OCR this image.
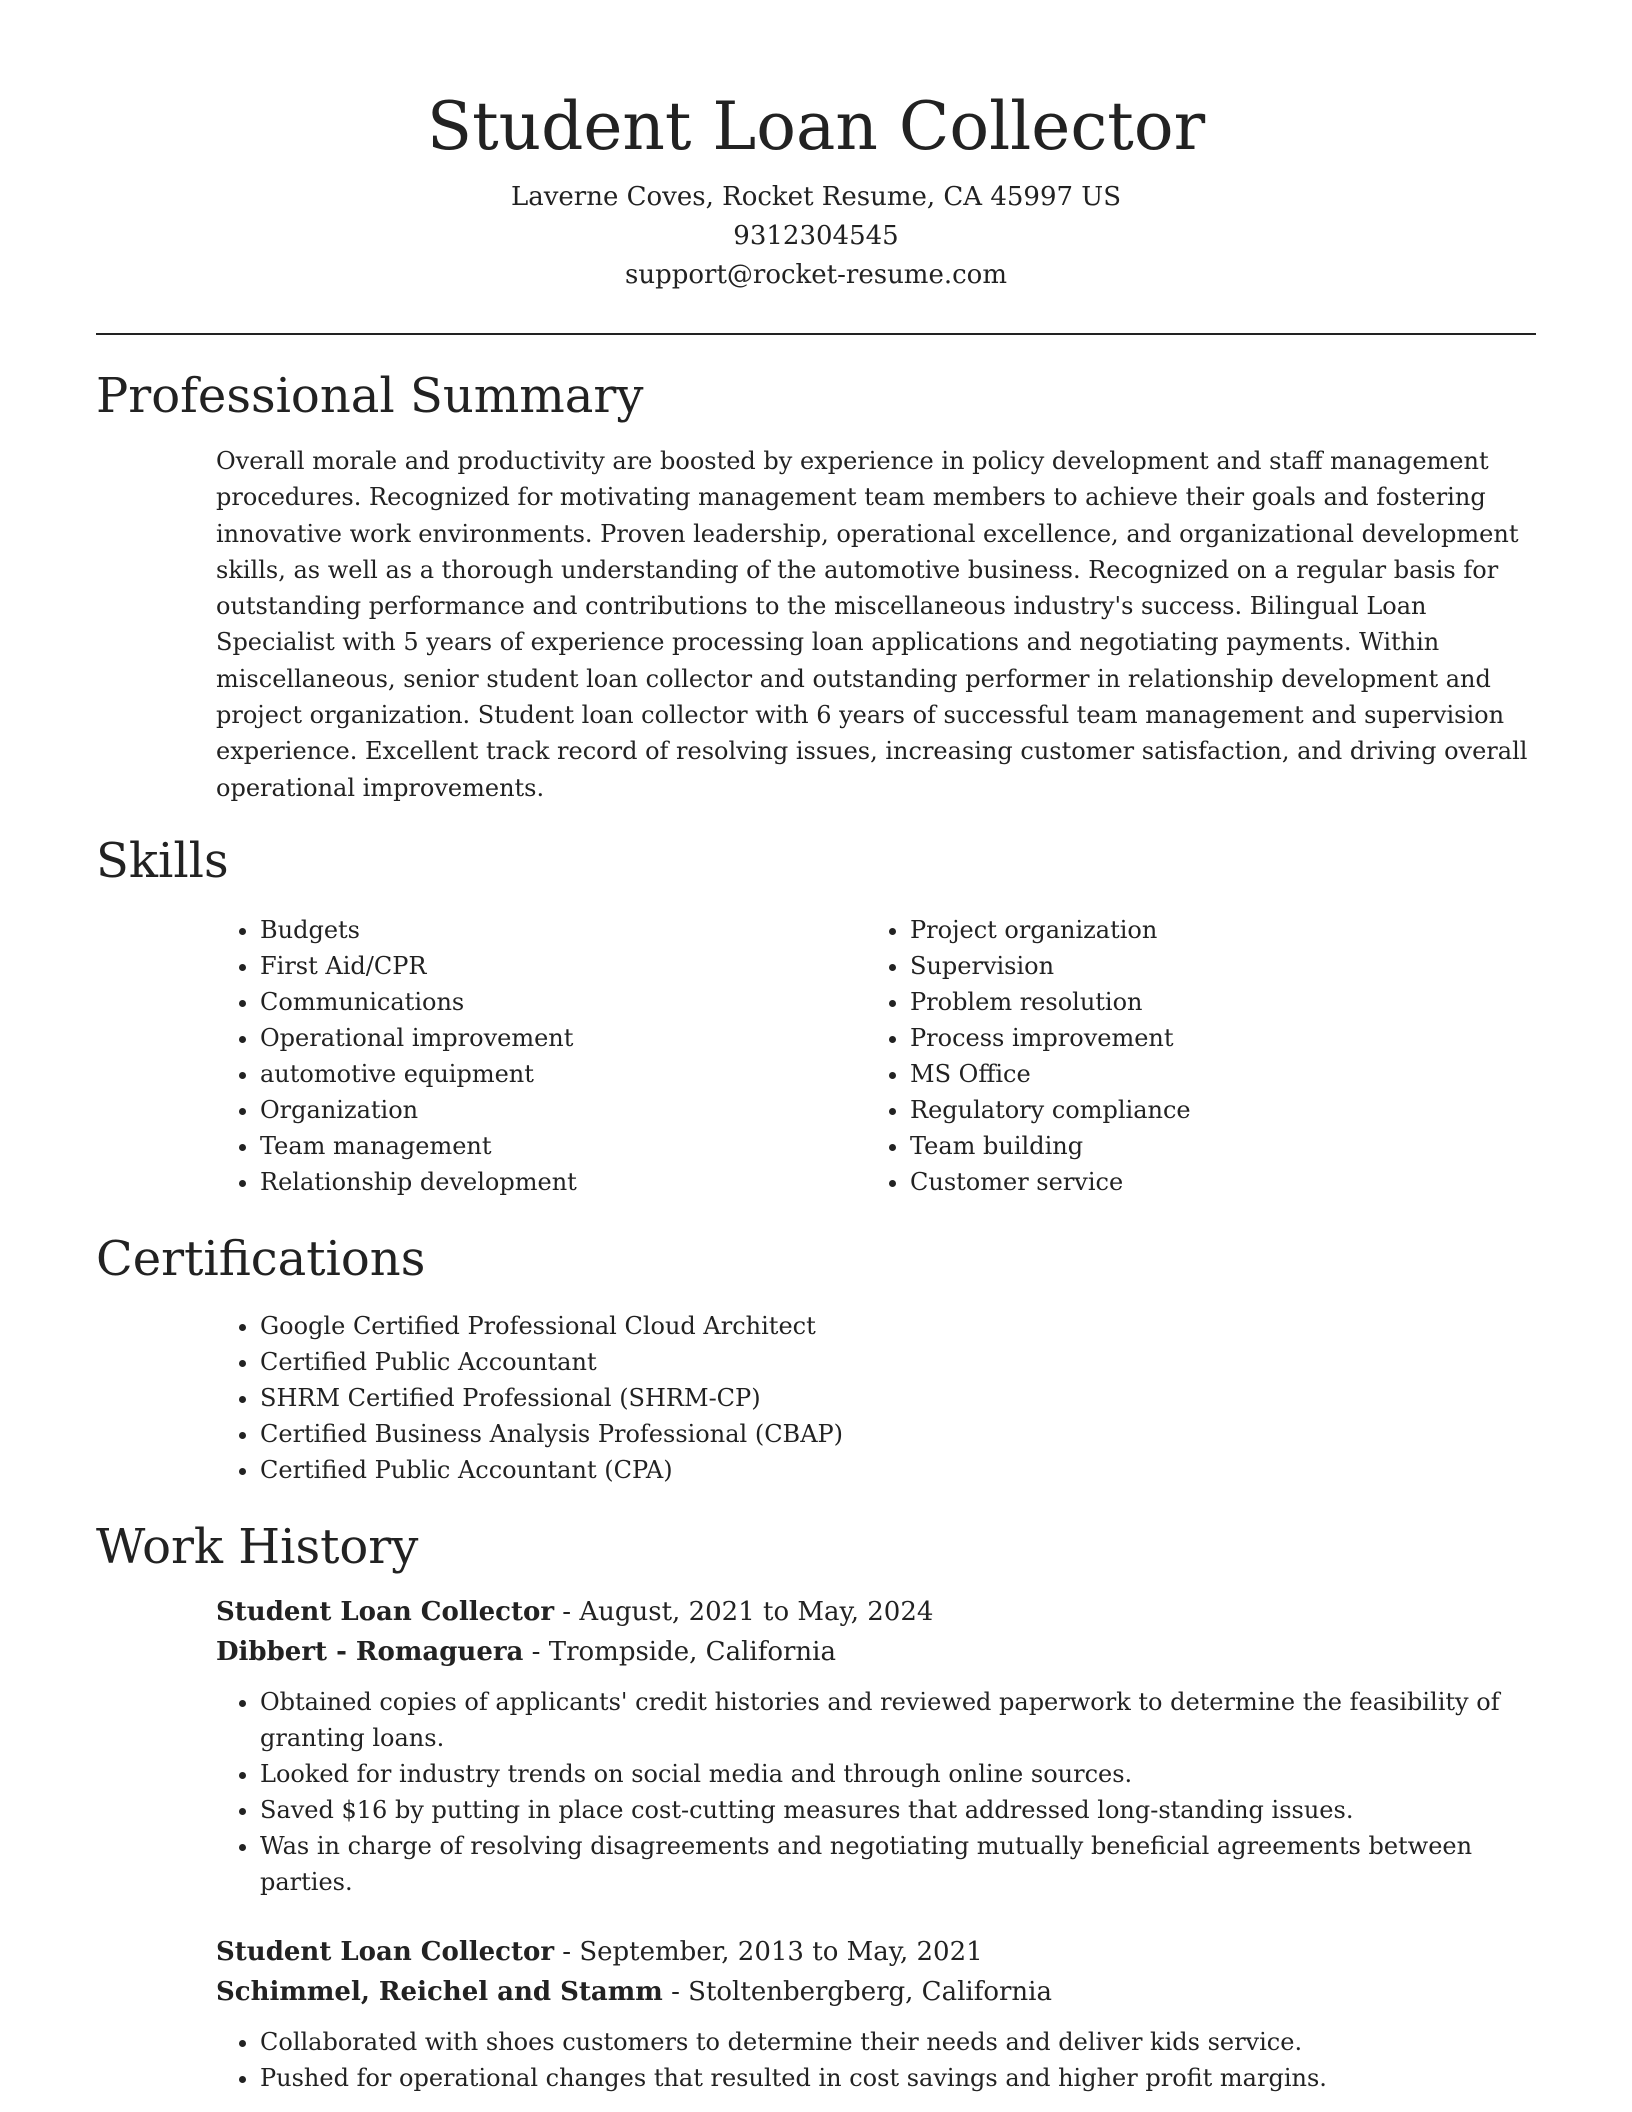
Student Loan Collector
Laverne Coves, Rocket Resume, CA 45997 US
9312304545
support@rocket-resume.com
Professional Summary

Overall morale and productivity are boosted by experience in policy development and staff management procedures. Recognized for motivating management team members to achieve their goals and fostering innovative work environments. Proven leadership, operational excellence, and organizational development skills, as well as a thorough understanding of the automotive business. Recognized on a regular basis for outstanding performance and contributions to the miscellaneous industry's success. Bilingual Loan Specialist with 5 years of experience processing loan applications and negotiating payments. Within miscellaneous, senior student loan collector and outstanding performer in relationship development and project organization. Student loan collector with 6 years of successful team management and supervision experience. Excellent track record of resolving issues, increasing customer satisfaction, and driving overall operational improvements.

Skills
• Budgets
• First Aid/CPR
• Communications
• Operational improvement
• automotive equipment
• Organization
• Team management
• Relationship development
• Project organization
• Supervision
• Problem resolution
• Process improvement
• MS Office
• Regulatory compliance
• Team building
• Customer service
Certifications
• Google Certified Professional Cloud Architect
• Certified Public Accountant
• SHRM Certified Professional (SHRM-CP)
• Certified Business Analysis Professional (CBAP)
• Certified Public Accountant (CPA)
Work History
Student Loan Collector - August, 2021 to May, 2024
Dibbert - Romaguera - Trompside, California
• Obtained copies of applicants' credit histories and reviewed paperwork to determine the feasibility of granting loans.
• Looked for industry trends on social media and through online sources.
• Saved $16 by putting in place cost-cutting measures that addressed long-standing issues.
• Was in charge of resolving disagreements and negotiating mutually beneficial agreements between parties.
Student Loan Collector - September, 2013 to May, 2021
Schimmel, Reichel and Stamm - Stoltenbergberg, California
• Collaborated with shoes customers to determine their needs and deliver kids service.
• Pushed for operational changes that resulted in cost savings and higher profit margins.
